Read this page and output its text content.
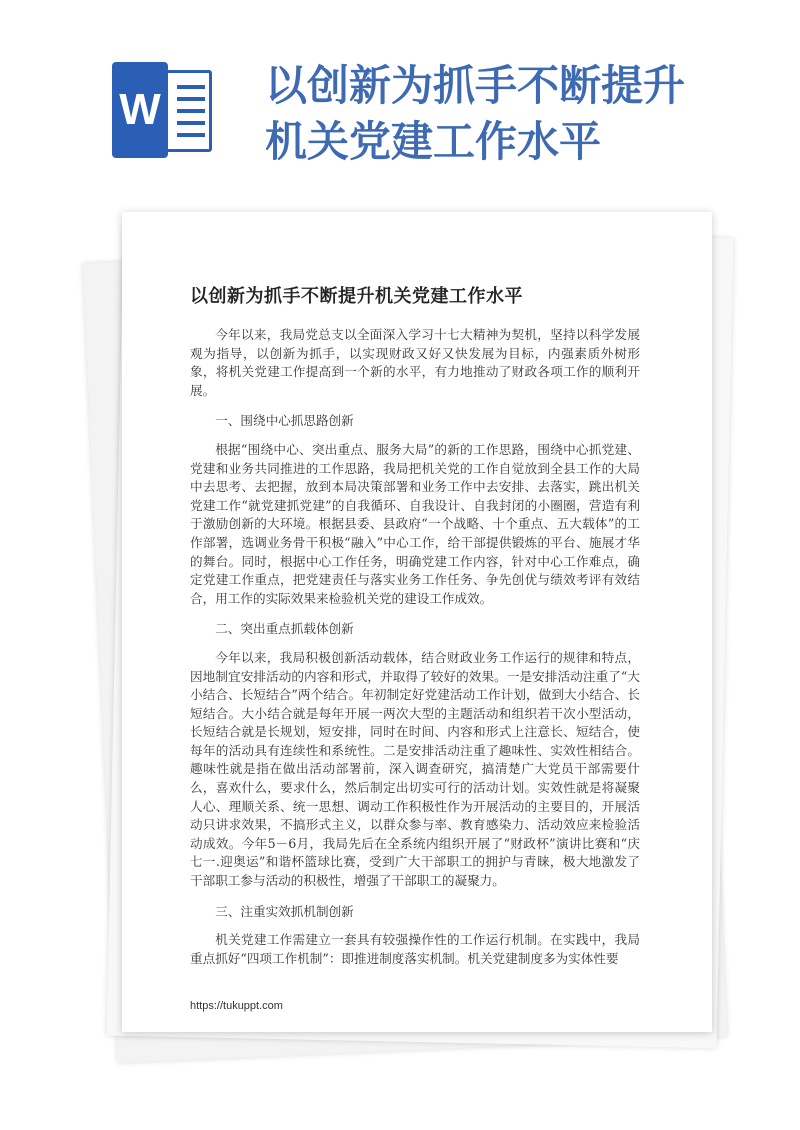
W 以创新为抓手不断提升
机关党建工作水平
以创新为抓手不断提升机关党建工作水平

今年以来，我局党总支以全面深入学习十七大精神为契机，坚持以科学发展观为指导，以创新为抓手，以实现财政又好又快发展为目标，内强素质外树形象，将机关党建工作提高到一个新的水平，有力地推动了财政各项工作的顺利开展。

一、围绕中心抓思路创新

根据“围绕中心、突出重点、服务大局”的新的工作思路，围绕中心抓党建、党建和业务共同推进的工作思路，我局把机关党的工作自觉放到全县工作的大局中去思考、去把握，放到本局决策部署和业务工作中去安排、去落实，跳出机关党建工作“就党建抓党建”的自我循环、自我设计、自我封闭的小圈圈，营造有利于激励创新的大环境。根据县委、县政府“一个战略、十个重点、五大载体”的工作部署，选调业务骨干积极“融入”中心工作，给干部提供锻炼的平台、施展才华的舞台。同时，根据中心工作任务，明确党建工作内容，针对中心工作难点，确定党建工作重点，把党建责任与落实业务工作任务、争先创优与绩效考评有效结合，用工作的实际效果来检验机关党的建设工作成效。

二、突出重点抓载体创新

今年以来，我局积极创新活动载体，结合财政业务工作运行的规律和特点，因地制宜安排活动的内容和形式，并取得了较好的效果。一是安排活动注重了“大小结合、长短结合”两个结合。年初制定好党建活动工作计划，做到大小结合、长短结合。大小结合就是每年开展一两次大型的主题活动和组织若干次小型活动，长短结合就是长规划，短安排，同时在时间、内容和形式上注意长、短结合，使每年的活动具有连续性和系统性。二是安排活动注重了趣味性、实效性相结合。趣味性就是指在做出活动部署前，深入调查研究，搞清楚广大党员干部需要什么，喜欢什么，要求什么，然后制定出切实可行的活动计划。实效性就是将凝聚人心、理顺关系、统一思想、调动工作积极性作为开展活动的主要目的，开展活动只讲求效果，不搞形式主义，以群众参与率、教育感染力、活动效应来检验活动成效。今年5－6月，我局先后在全系统内组织开展了“财政杯”演讲比赛和“庆七一.迎奥运”和谐杯篮球比赛，受到广大干部职工的拥护与青睐，极大地激发了干部职工参与活动的积极性，增强了干部职工的凝聚力。

三、注重实效抓机制创新

机关党建工作需建立一套具有较强操作性的工作运行机制。在实践中，我局重点抓好“四项工作机制”：即推进制度落实机制。机关党建制度多为实体性要

https://tukuppt.com
